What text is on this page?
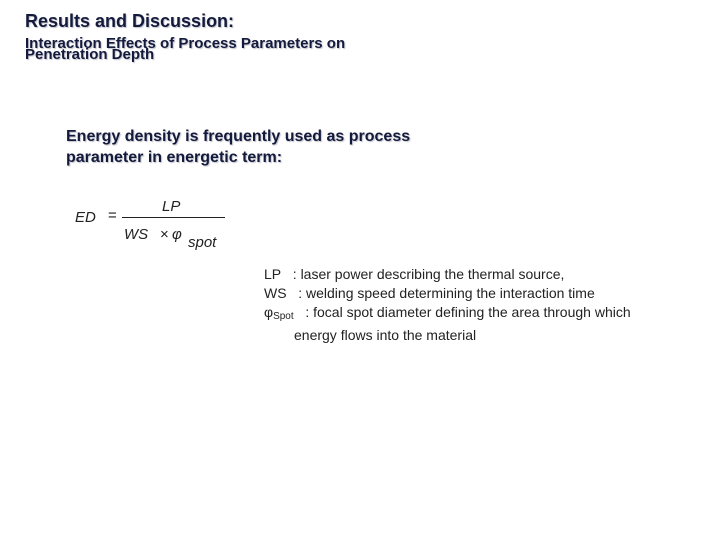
Results and Discussion:
Interaction Effects of Process Parameters on Penetration Depth
Energy density is frequently used as process parameter in energetic term:
ED =
LP
WS × φ spot
LP : laser power describing the thermal source,
WS : welding speed determining the interaction time
$\varphi_{Spot}$ : focal spot diameter defining the area through whichenergy flows into the material
